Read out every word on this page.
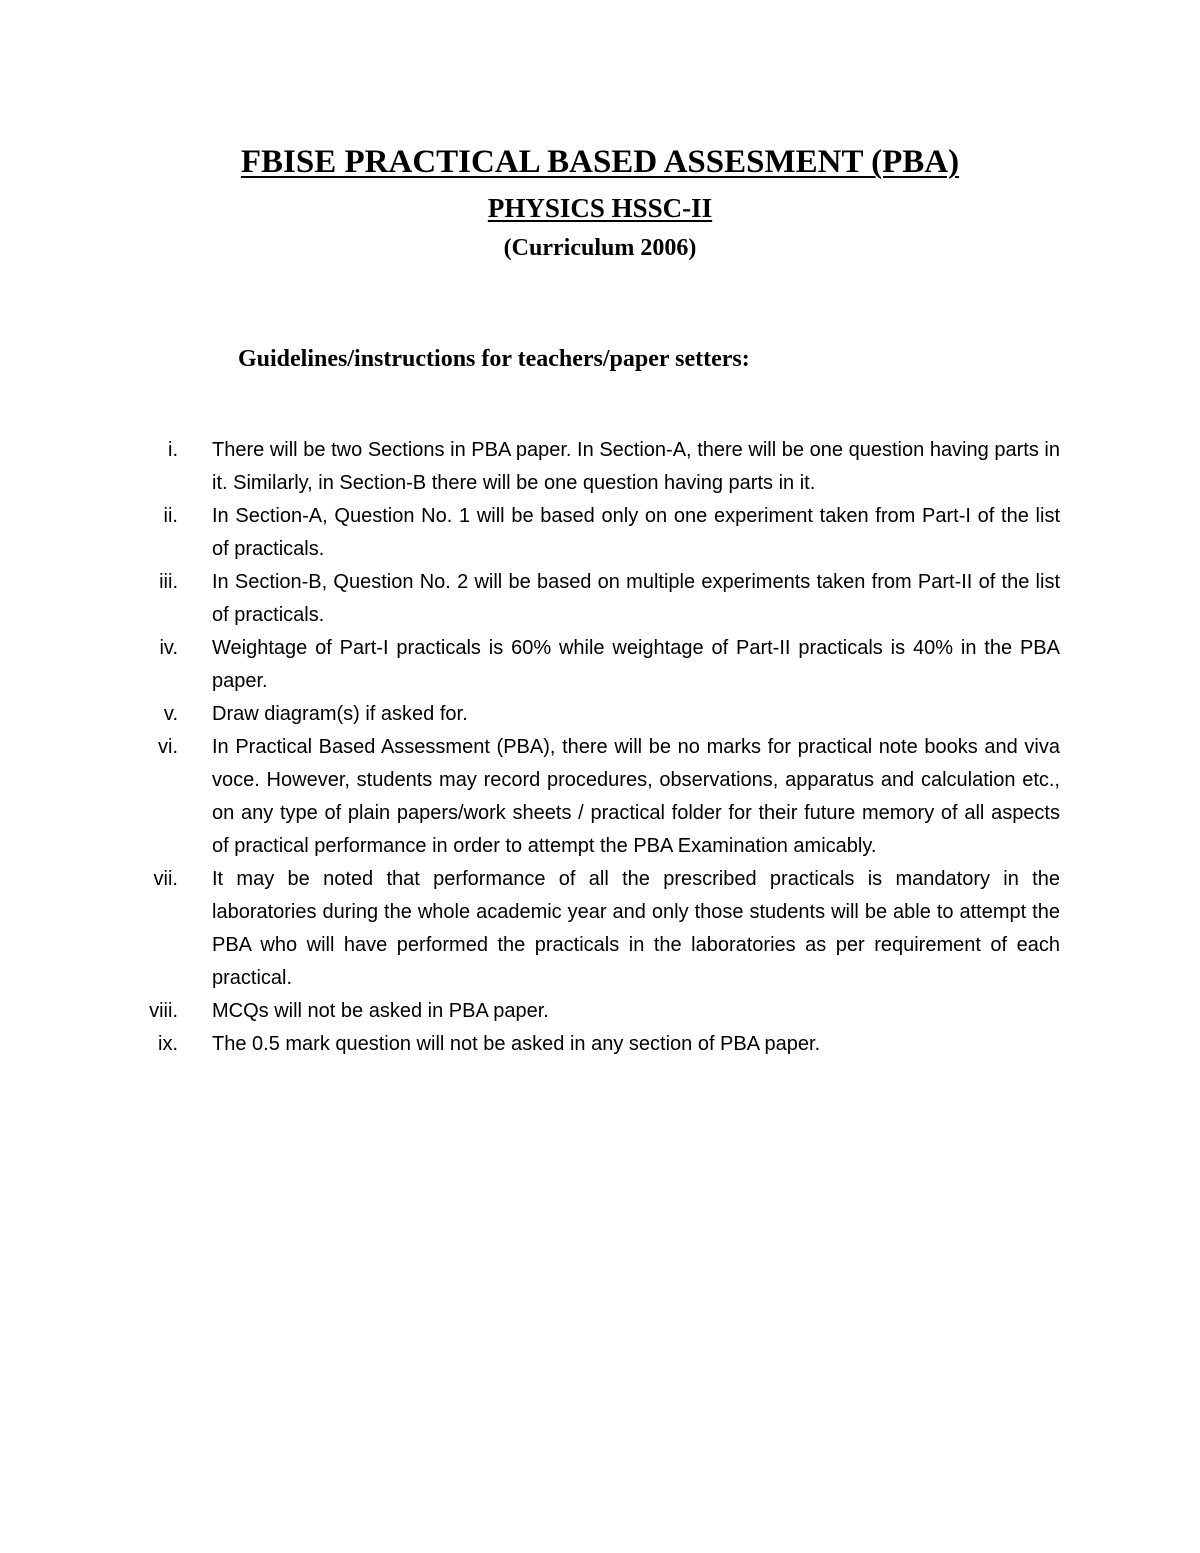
FBISE PRACTICAL BASED ASSESMENT (PBA)
PHYSICS HSSC-II
(Curriculum 2006)
Guidelines/instructions for teachers/paper setters:
i. There will be two Sections in PBA paper. In Section-A, there will be one question having parts in it. Similarly, in Section-B there will be one question having parts in it.
ii. In Section-A, Question No. 1 will be based only on one experiment taken from Part-I of the list of practicals.
iii. In Section-B, Question No. 2 will be based on multiple experiments taken from Part-II of the list of practicals.
iv. Weightage of Part-I practicals is 60% while weightage of Part-II practicals is 40% in the PBA paper.
v. Draw diagram(s) if asked for.
vi. In Practical Based Assessment (PBA), there will be no marks for practical note books and viva voce. However, students may record procedures, observations, apparatus and calculation etc., on any type of plain papers/work sheets / practical folder for their future memory of all aspects of practical performance in order to attempt the PBA Examination amicably.
vii. It may be noted that performance of all the prescribed practicals is mandatory in the laboratories during the whole academic year and only those students will be able to attempt the PBA who will have performed the practicals in the laboratories as per requirement of each practical.
viii. MCQs will not be asked in PBA paper.
ix. The 0.5 mark question will not be asked in any section of PBA paper.
